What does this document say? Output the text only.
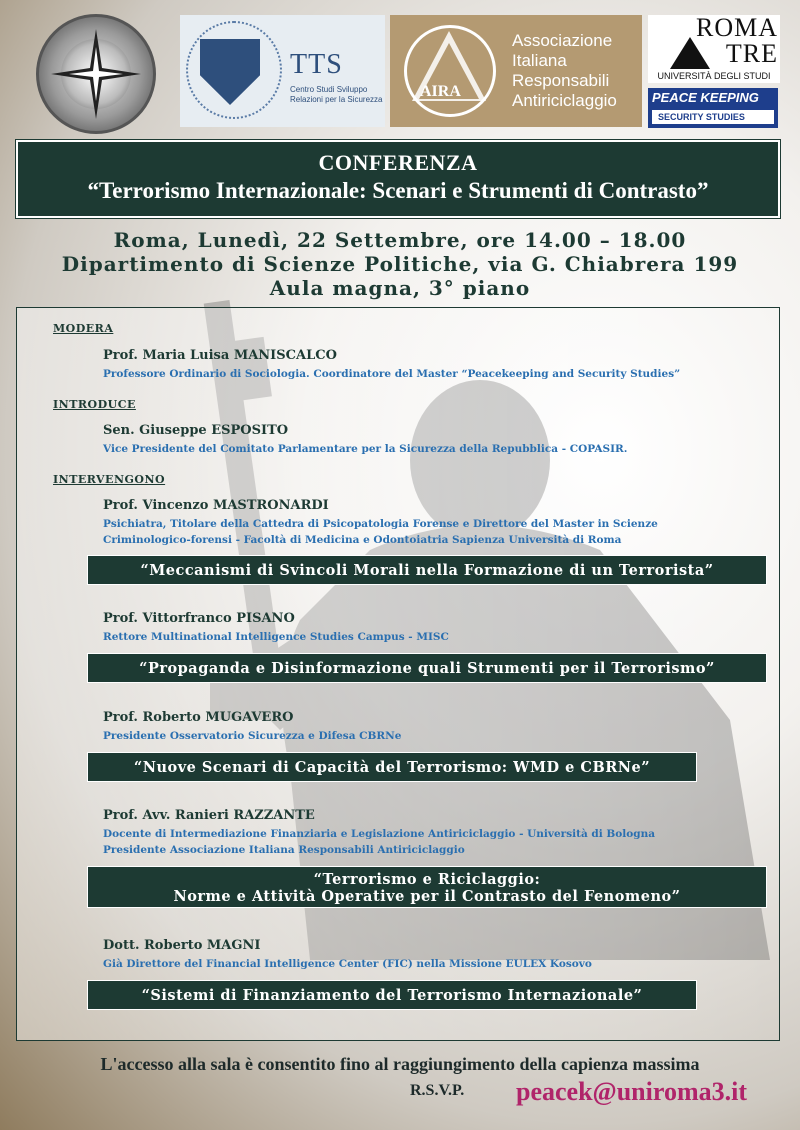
TTS
Centro Studi Sviluppo
Relazioni per la Sicurezza AIRA
Associazione
Italiana
Responsabili
Antiriciclaggio
ROMA
TRE
UNIVERSITÀ DEGLI STUDI
PEACE KEEPING
SECURITY STUDIES
CONFERENZA
“Terrorismo Internazionale: Scenari e Strumenti di Contrasto”
Roma, Lunedì, 22 Settembre, ore 14.00 – 18.00
Dipartimento di Scienze Politiche, via G. Chiabrera 199
Aula magna, 3° piano
MODERA
Prof. Maria Luisa MANISCALCO
Professore Ordinario di Sociologia. Coordinatore del Master “Peacekeeping and Security Studies”
INTRODUCE
Sen. Giuseppe ESPOSITO
Vice Presidente del Comitato Parlamentare per la Sicurezza della Repubblica - COPASIR.
INTERVENGONO
Prof. Vincenzo MASTRONARDI
Psichiatra, Titolare della Cattedra di Psicopatologia Forense e Direttore del Master in Scienze
Criminologico-forensi - Facoltà di Medicina e Odontoiatria Sapienza Università di Roma
“Meccanismi di Svincoli Morali nella Formazione di un Terrorista”
Prof. Vittorfranco PISANO
Rettore Multinational Intelligence Studies Campus - MISC
“Propaganda e Disinformazione quali Strumenti per il Terrorismo”
Prof. Roberto MUGAVERO
Presidente Osservatorio Sicurezza e Difesa CBRNe
“Nuove Scenari di Capacità del Terrorismo: WMD e CBRNe”
Prof. Avv. Ranieri RAZZANTE
Docente di Intermediazione Finanziaria e Legislazione Antiriciclaggio - Università di Bologna
Presidente Associazione Italiana Responsabili Antiriciclaggio
“Terrorismo e Riciclaggio:
Norme e Attività Operative per il Contrasto del Fenomeno”
Dott. Roberto MAGNI
Già Direttore del Financial Intelligence Center (FIC) nella Missione EULEX Kosovo
“Sistemi di Finanziamento del Terrorismo Internazionale”
L'accesso alla sala è consentito fino al raggiungimento della capienza massima
R.S.V.P. peacek@uniroma3.it
